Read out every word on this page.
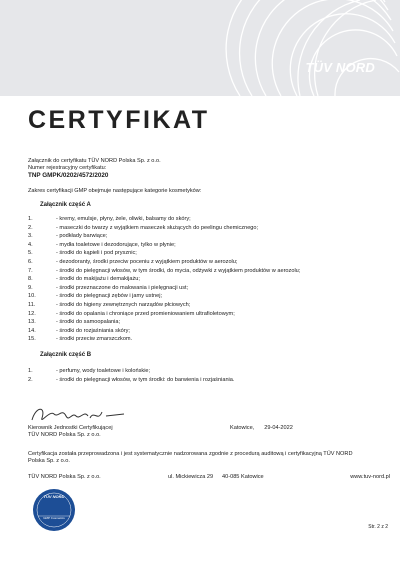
TÜV NORD
CERTYFIKAT
Załącznik do certyfikatu TÜV NORD Polska Sp. z o.o.
Numer rejestracyjny certyfikatu:
TNP GMPK/0202/4572/2020
Zakres certyfikacji GMP obejmuje następujące kategorie kosmetyków:
Załącznik część A
1.	- kremy, emulsje, płyny, żele, oliwki, balsamy do skóry;
2.	- maseczki do twarzy z wyjątkiem maseczek służących do peelingu chemicznego;
3.	- podkłady barwiące;
4.	- mydła toaletowe i dezodorujące, tylko w płynie;
5.	- środki do kąpieli i pod prysznic;
6.	- dezodoranty, środki przeciw poceniu z wyjątkiem produktów w aerozolu;
7.	- środki do pielęgnacji włosów, w tym środki, do mycia, odżywki z wyjątkiem produktów w aerozolu;
8.	- środki do makijażu i demakijażu;
9.	- środki przeznaczone do malowania i pielęgnacji ust;
10.	- środki do pielęgnacji zębów i jamy ustnej;
11.	- środki do higieny zewnętrznych narządów płciowych;
12.	- środki do opalania i chroniące przed promieniowaniem ultrafioletowym;
13.	- środki do samoopalania;
14.	- środki do rozjaśniania skóry;
15.	- środki przeciw zmarszczkom.
Załącznik część B
1.	- perfumy, wody toaletowe i kolońskie;
2.	- środki do pielęgnacji włosów, w tym środki: do barwienia i rozjaśniania.
Kierownik Jednostki Certyfikującej
TÜV NORD Polska Sp. z o.o.
Katowice, 29-04-2022
Certyfikacja została przeprowadzona i jest systematycznie nadzorowana zgodnie z procedurą auditową i certyfikacyjną TÜV NORD Polska Sp. z o.o.
TÜV NORD Polska Sp. z o.o.	ul. Mickiewicza 29	40-085 Katowice	www.tuv-nord.pl
TÜV NORD
GMP Cosmetics
Str. 2 z 2
